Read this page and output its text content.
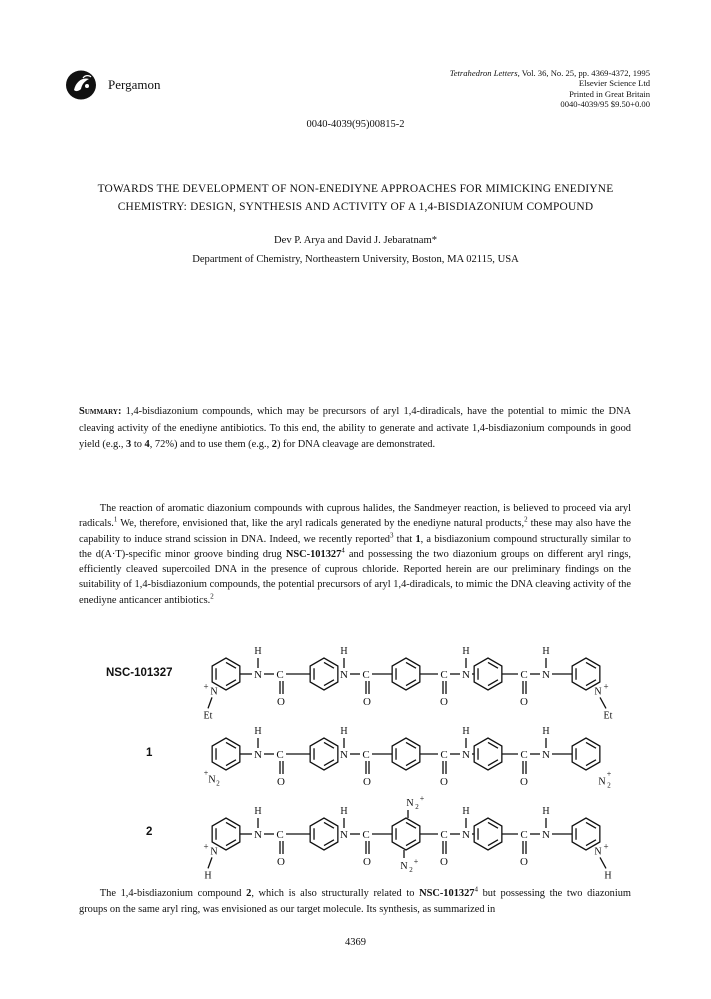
Pergamon
Tetrahedron Letters, Vol. 36, No. 25, pp. 4369-4372, 1995
Elsevier Science Ltd
Printed in Great Britain
0040-4039/95 $9.50+0.00
0040-4039(95)00815-2
TOWARDS THE DEVELOPMENT OF NON-ENEDIYNE APPROACHES FOR MIMICKING ENEDIYNE
CHEMISTRY: DESIGN, SYNTHESIS AND ACTIVITY OF A 1,4-BISDIAZONIUM COMPOUND
Dev P. Arya and David J. Jebaratnam*
Department of Chemistry, Northeastern University, Boston, MA 02115, USA
Summary: 1,4-bisdiazonium compounds, which may be precursors of aryl 1,4-diradicals, have the potential to mimic the DNA cleaving activity of the enediyne antibiotics. To this end, the ability to generate and activate 1,4-bisdiazonium compounds in good yield (e.g., 3 to 4, 72%) and to use them (e.g., 2) for DNA cleavage are demonstrated.
  The reaction of aromatic diazonium compounds with cuprous halides, the Sandmeyer reaction, is believed to proceed via aryl radicals.$^1$ We, therefore, envisioned that, like the aryl radicals generated by the enediyne natural products,$^2$ these may also have the capability to induce strand scission in DNA. Indeed, we recently reported$^3$ that 1, a bisdiazonium compound structurally similar to the d(A·T)-specific minor groove binding drug NSC-101327$^4$ and possessing the two diazonium groups on different aryl rings, efficiently cleaved supercoiled DNA in the presence of cuprous chloride. Reported herein are our preliminary findings on the suitability of 1,4-bisdiazonium compounds, the potential precursors of aryl 1,4-diradicals, to mimic the DNA cleaving activity of the enediyne anticancer antibiotics.$^2$
NSC-101327
1
2
N
H
C
O
N
H
C
O
C
O
N
H
C
O
N
H
N
+
Et
N +
Et
N
H
C
O
N
H
C
O
C
O
N
H
C
O
N
H
N
+
2	N 2
+
N
H
C
O
N
H
C
O
C
O
N
H
C
O
N
H
N
+
H
N +
H
N 2
+
N 2
+
  The 1,4-bisdiazonium compound 2, which is also structurally related to NSC-101327$^4$ but possessing the two diazonium groups on the same aryl ring, was envisioned as our target molecule. Its synthesis, as summarized in
4369
